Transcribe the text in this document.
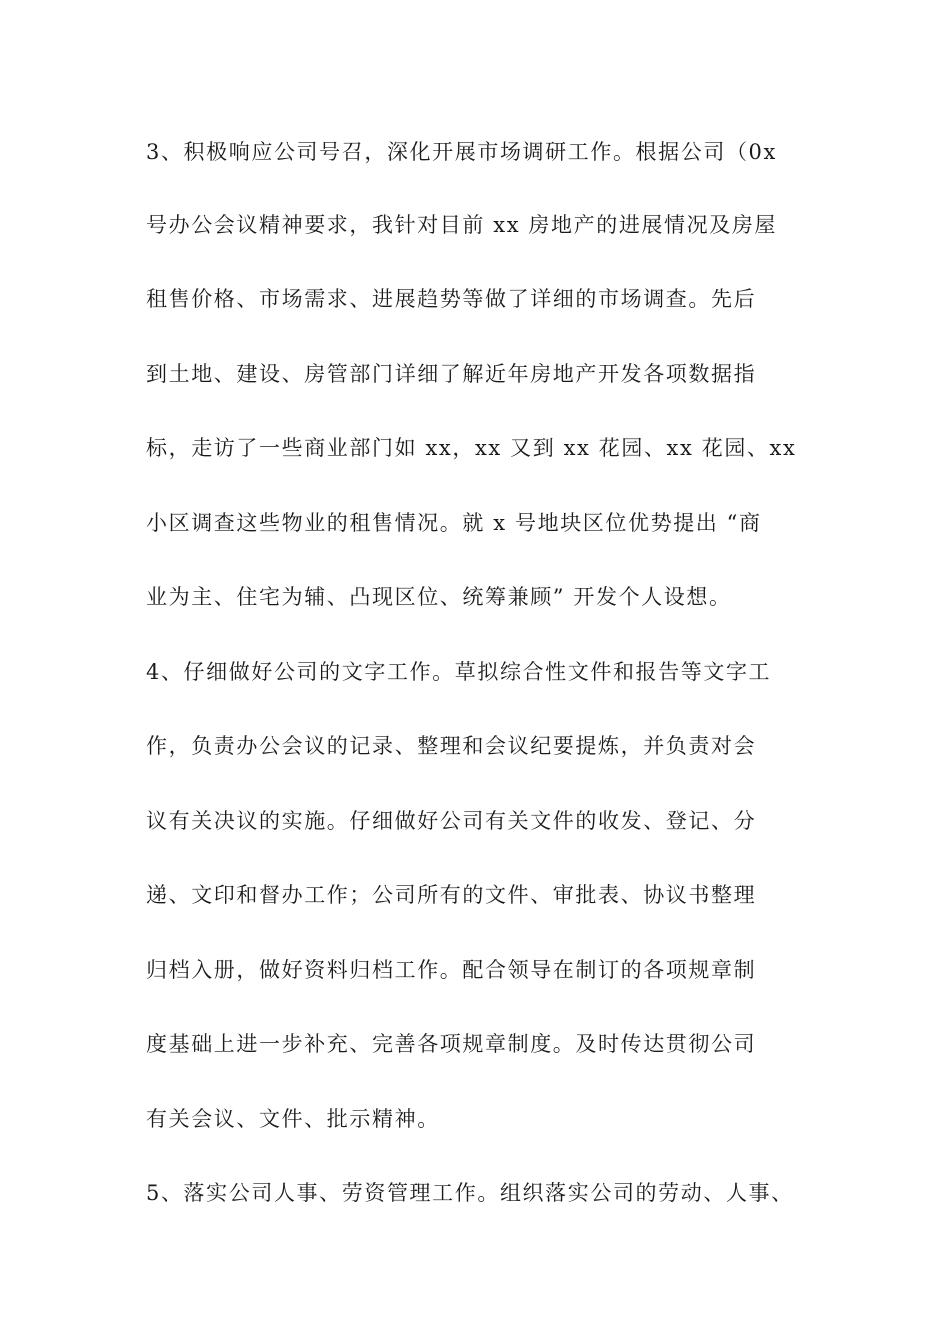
3、积极响应公司号召，深化开展市场调研工作。根据公司（0x
号办公会议精神要求，我针对目前 xx 房地产的进展情况及房屋
租售价格、市场需求、进展趋势等做了详细的市场调查。先后
到土地、建设、房管部门详细了解近年房地产开发各项数据指
标，走访了一些商业部门如 xx，xx 又到 xx 花园、xx 花园、xx
小区调查这些物业的租售情况。就 x 号地块区位优势提出 “商
业为主、住宅为辅、凸现区位、统筹兼顾” 开发个人设想。
4、仔细做好公司的文字工作。草拟综合性文件和报告等文字工
作，负责办公会议的记录、整理和会议纪要提炼，并负责对会
议有关决议的实施。仔细做好公司有关文件的收发、登记、分
递、文印和督办工作；公司所有的文件、审批表、协议书整理
归档入册，做好资料归档工作。配合领导在制订的各项规章制
度基础上进一步补充、完善各项规章制度。及时传达贯彻公司
有关会议、文件、批示精神。
5、落实公司人事、劳资管理工作。组织落实公司的劳动、人事、
